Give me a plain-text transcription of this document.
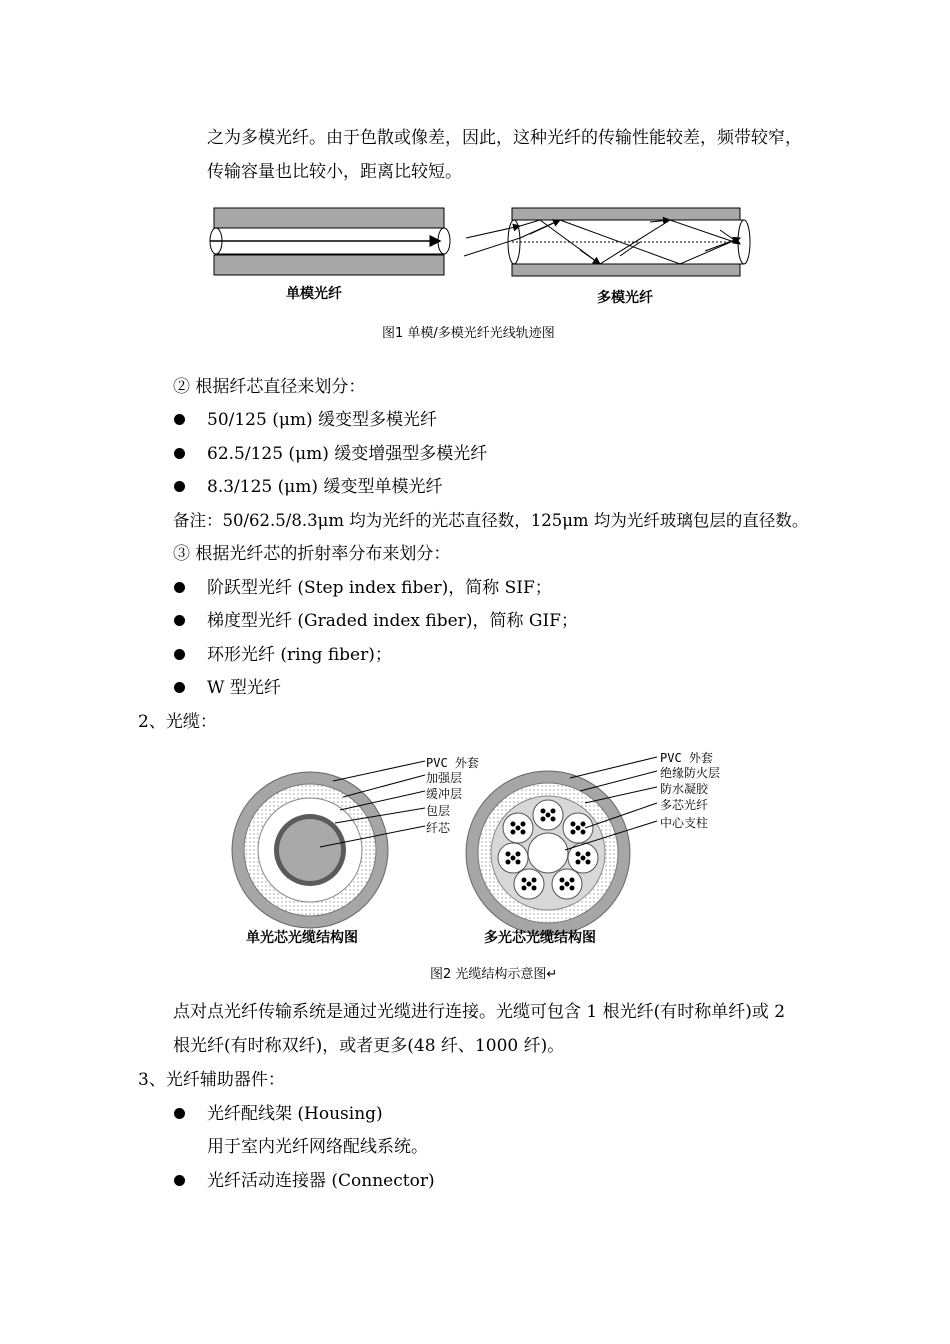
之为多模光纤。由于色散或像差，因此，这种光纤的传输性能较差，频带较窄，
传输容量也比较小，距离比较短。
单模光纤	多模光纤
图1 单模/多模光纤光线轨迹图
② 根据纤芯直径来划分：
50/125 (μm) 缓变型多模光纤
62.5/125 (μm) 缓变增强型多模光纤
8.3/125 (μm) 缓变型单模光纤
备注：50/62.5/8.3μm 均为光纤的光芯直径数，125μm 均为光纤玻璃包层的直径数。
③ 根据光纤芯的折射率分布来划分：
阶跃型光纤 (Step index fiber)，简称 SIF；
梯度型光纤 (Graded index fiber)，简称 GIF；
环形光纤 (ring fiber)；
W 型光纤
2、光缆：
PVC 外套
加强层
缓冲层
包层
纤芯
PVC 外套
绝缘防火层
防水凝胶
多芯光纤
中心支柱
单光芯光缆结构图	多光芯光缆结构图
图2 光缆结构示意图↵
点对点光纤传输系统是通过光缆进行连接。光缆可包含 1 根光纤(有时称单纤)或 2
根光纤(有时称双纤)，或者更多(48 纤、1000 纤)。
3、光纤辅助器件：
光纤配线架 (Housing)
用于室内光纤网络配线系统。
光纤活动连接器 (Connector)
